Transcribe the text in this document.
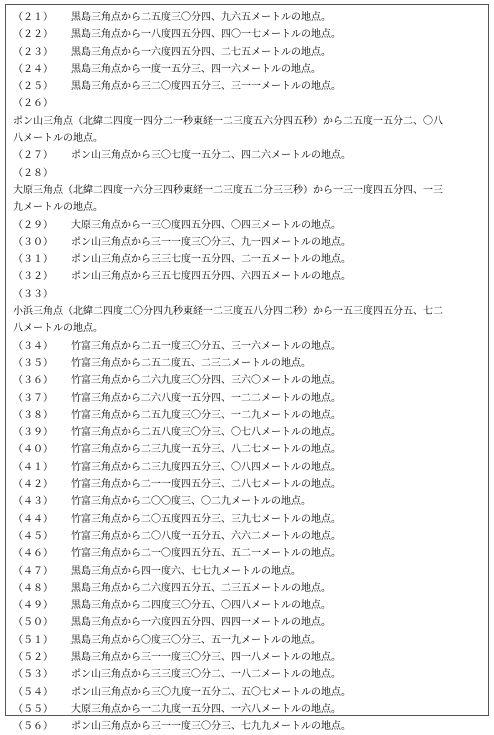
（２１） 黒島三角点から二五度三〇分四、九六五メートルの地点。
（２２） 黒島三角点から一八度四五分四、四〇一七メートルの地点。
（２３） 黒島三角点から一六度四五分四、二七五メートルの地点。
（２４） 黒島三角点から一度一五分三、四一六メートルの地点。
（２５） 黒島三角点から三二〇度四五分三、三一一メートルの地点。
（２６）
ポン山三角点（北緯二四度一四分二一秒東経一二三度五六分四五秒）から二五度一五分二、〇八
八メートルの地点。
（２７） ポン山三角点から三〇七度一五分二、四二六メートルの地点。
（２８）
大原三角点（北緯二四度一六分三四秒東経一二三度五二分三三秒）から一三一度四五分四、一三
九メートルの地点。
（２９） 大原三角点から一三〇度四五分四、〇四三メートルの地点。
（３０） ポン山三角点から三一一度三〇分三、九一四メートルの地点。
（３１） ポン山三角点から三三七度一五分四、二一五メートルの地点。
（３２） ポン山三角点から三五七度四五分四、六四五メートルの地点。
（３３）
小浜三角点（北緯二四度二〇分四九秒東経一二三度五八分四二秒）から一五三度四五分五、七二
八メートルの地点。
（３４） 竹富三角点から二五一度三〇分五、三一六メートルの地点。
（３５） 竹富三角点から二五二度五、二三二メートルの地点。
（３６） 竹富三角点から二六九度三〇分四、三六〇メートルの地点。
（３７） 竹富三角点から二六八度一五分四、一二二メートルの地点。
（３８） 竹富三角点から二五九度三〇分三、一二九メートルの地点。
（３９） 竹富三角点から二五八度三〇分三、〇七八メートルの地点。
（４０） 竹富三角点から二三九度一五分三、八二七メートルの地点。
（４１） 竹富三角点から二三九度四五分三、〇八四メートルの地点。
（４２） 竹富三角点から二一一度四五分三、二八七メートルの地点。
（４３） 竹富三角点から二〇〇度三、〇二九メートルの地点。
（４４） 竹富三角点から二〇五度四五分三、三九七メートルの地点。
（４５） 竹富三角点から二〇八度一五分五、六六二メートルの地点。
（４６） 竹富三角点から二一〇度四五分五、五二一メートルの地点。
（４７） 黒島三角点から四一度六、七七九メートルの地点。
（４８） 黒島三角点から二六度四五分五、二三五メートルの地点。
（４９） 黒島三角点から二四度三〇分五、〇四八メートルの地点。
（５０） 黒島三角点から一六度四五分四、四四一メートルの地点。
（５１） 黒島三角点から〇度三〇分三、五一九メートルの地点。
（５２） 黒島三角点から三一一度三〇分三、四一八メートルの地点。
（５３） ポン山三角点から三三度三〇分二、一八二メートルの地点。
（５４） ポン山三角点から三〇九度一五分二、五〇七メートルの地点。
（５５） 大原三角点から一二九度一五分四、一六八メートルの地点。
（５６） ポン山三角点から三一一度三〇分三、七九九メートルの地点。
